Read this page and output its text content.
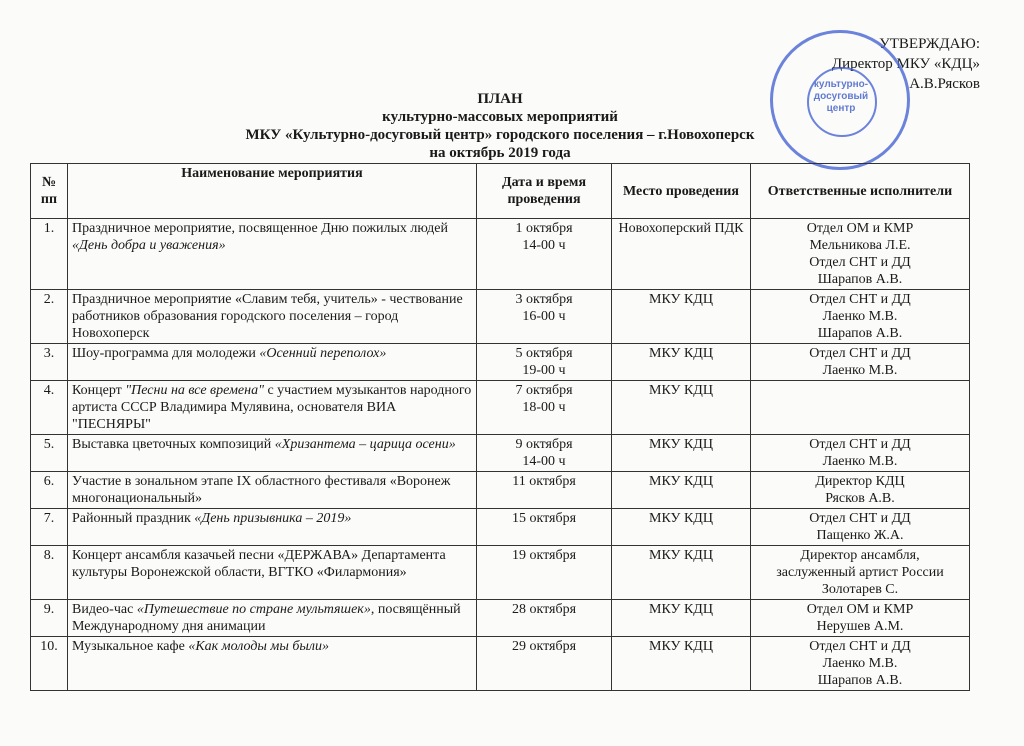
УТВЕРЖДАЮ:
Директор МКУ «КДЦ»
А.В.Рясков
культурно-досуговый центр
ПЛАН
культурно-массовых мероприятий
МКУ «Культурно-досуговый центр» городского поселения – г.Новохоперск
на октябрь 2019 года
№ пп	Наименование мероприятия	Дата и время проведения	Место проведения	Ответственные исполнители
1.	Праздничное мероприятие, посвященное Дню пожилых людей «День добра и уважения»	1 октября
14-00 ч	Новохоперский ПДК	Отдел ОМ и КМР
Мельникова Л.Е.
Отдел СНТ и ДД
Шарапов А.В.
2.	Праздничное мероприятие «Славим тебя, учитель» - чествование работников образования городского поселения – город Новохоперск	3 октября
16-00 ч	МКУ КДЦ	Отдел СНТ и ДД
Лаенко М.В.
Шарапов А.В.
3.	Шоу-программа для молодежи «Осенний переполох»	5 октября
19-00 ч	МКУ КДЦ	Отдел СНТ и ДД
Лаенко М.В.
4.	Концерт "Песни на все времена" с участием музыкантов народного артиста СССР Владимира Мулявина, основателя ВИА "ПЕСНЯРЫ"	7 октября
18-00 ч	МКУ КДЦ	
5.	Выставка цветочных композиций «Хризантема – царица осени»	9 октября
14-00 ч	МКУ КДЦ	Отдел СНТ и ДД
Лаенко М.В.
6.	Участие в зональном этапе IX областного фестиваля «Воронеж многонациональный»	11 октября	МКУ КДЦ	Директор КДЦ
Рясков А.В.
7.	Районный праздник «День призывника – 2019»	15 октября	МКУ КДЦ	Отдел СНТ и ДД
Пащенко Ж.А.
8.	Концерт ансамбля казачьей песни «ДЕРЖАВА» Департамента культуры Воронежской области, ВГТКО «Филармония»	19 октября	МКУ КДЦ	Директор ансамбля,
заслуженный артист России
Золотарев С.
9.	Видео-час «Путешествие по стране мультяшек», посвящённый Международному дня анимации	28 октября	МКУ КДЦ	Отдел ОМ и КМР
Нерушев А.М.
10.	Музыкальное кафе «Как молоды мы были»	29 октября	МКУ КДЦ	Отдел СНТ и ДД
Лаенко М.В.
Шарапов А.В.
